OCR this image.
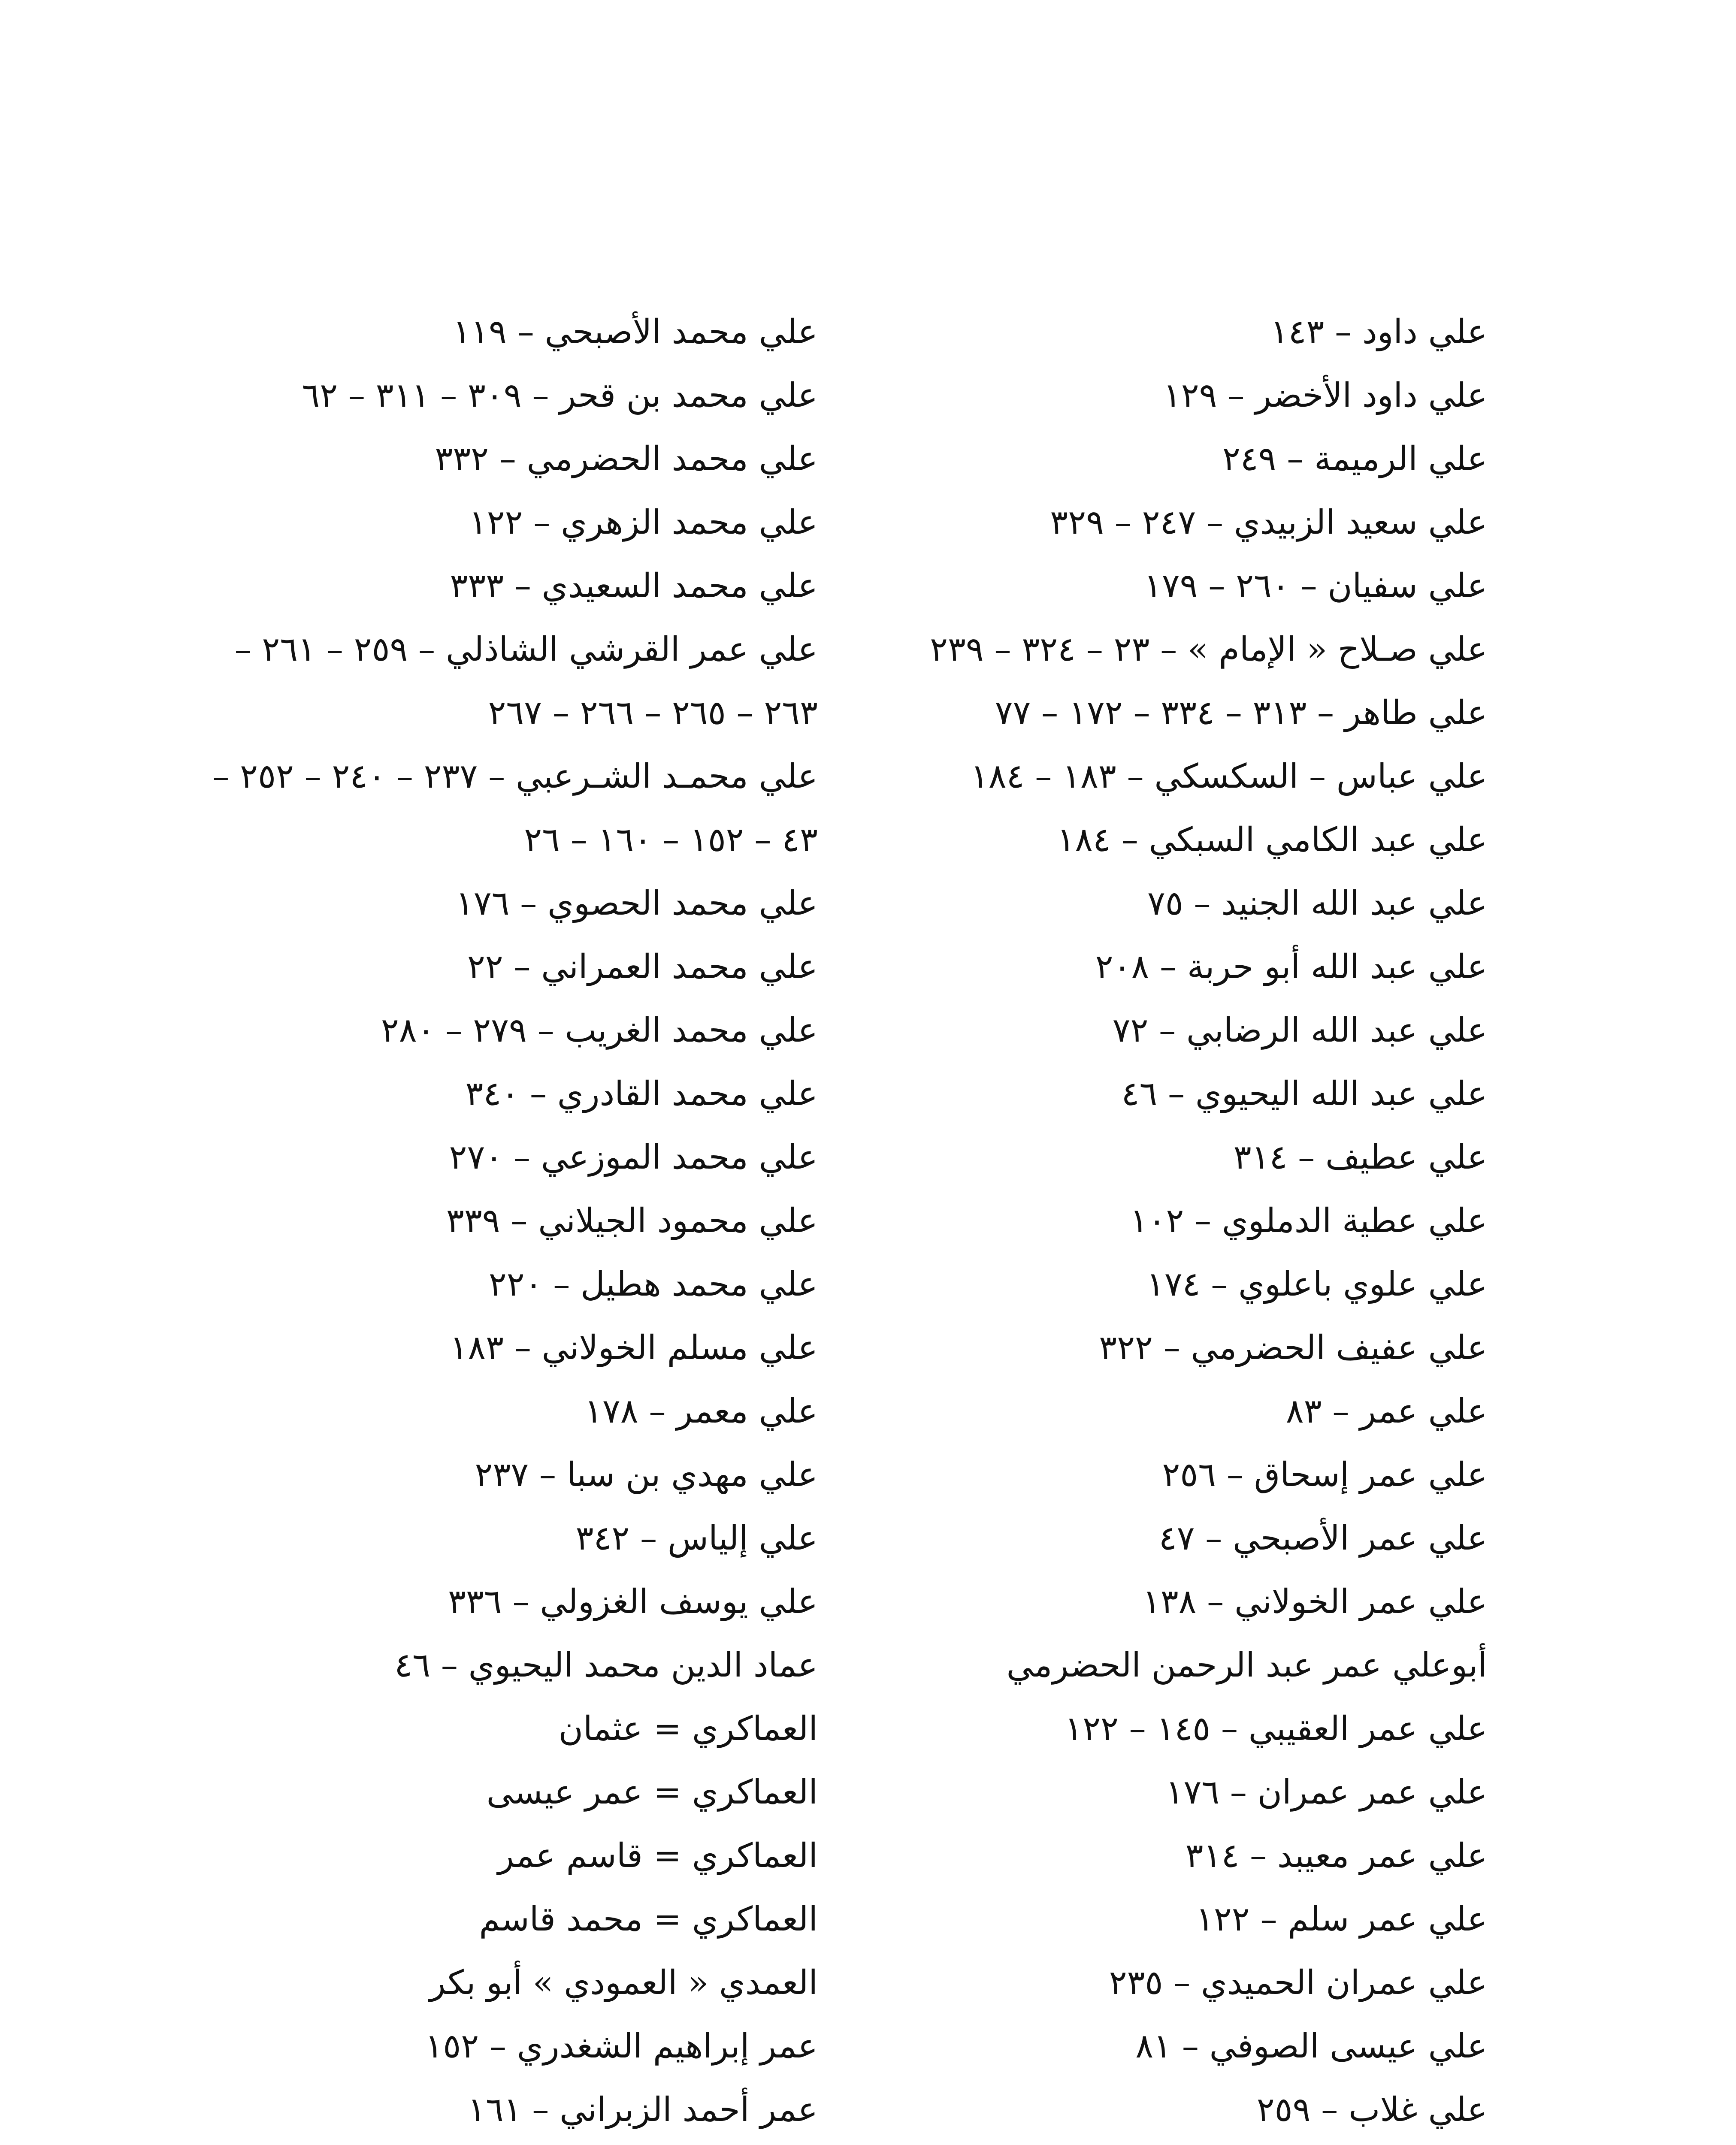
علي داود – ١٤٣
علي داود الأخضر – ١٢٩
علي الرميمة – ٢٤٩
علي سعيد الزبيدي – ٢٤٧ – ٣٢٩
علي سفيان – ٢٦٠ – ١٧٩
علي صـلاح « الإمام » – ٢٣ – ٣٢٤ – ٢٣٩
علي طاهر – ٣١٣ – ٣٣٤ – ١٧٢ – ٧٧
علي عباس – السكسكي – ١٨٣ – ١٨٤
علي عبد الكامي السبكي – ١٨٤
علي عبد الله الجنيد – ٧٥
علي عبد الله أبو حربة – ٢٠٨
علي عبد الله الرضابي – ٧٢
علي عبد الله اليحيوي – ٤٦
علي عطيف – ٣١٤
علي عطية الدملوي – ١٠٢
علي علوي باعلوي – ١٧٤
علي عفيف الحضرمي – ٣٢٢
علي عمر – ٨٣
علي عمر إسحاق – ٢٥٦
علي عمر الأصبحي – ٤٧
علي عمر الخولاني – ١٣٨
أبوعلي عمر عبد الرحمن الحضرمي
علي عمر العقيبي – ١٤٥ – ١٢٢
علي عمر عمران – ١٧٦
علي عمر معيبد – ٣١٤
علي عمر سلم – ١٢٢
علي عمران الحميدي – ٢٣٥
علي عيسى الصوفي – ٨١
علي غلاب – ٢٥٩
علي محمد الأصبحي – ١١٩
علي محمد بن قحر – ٣٠٩ – ٣١١ – ٦٢
علي محمد الحضرمي – ٣٣٢
علي محمد الزهري – ١٢٢
علي محمد السعيدي – ٣٣٣
علي عمر القرشي الشاذلي – ٢٥٩ – ٢٦١ – ٢٦٣ – ٢٦٥ – ٢٦٦ – ٢٦٧
علي محمـد الشـرعبي – ٢٣٧ – ٢٤٠ – ٢٥٢ – ٤٣ – ١٥٢ – ١٦٠ – ٢٦
علي محمد الحصوي – ١٧٦
علي محمد العمراني – ٢٢
علي محمد الغريب – ٢٧٩ – ٢٨٠
علي محمد القادري – ٣٤٠
علي محمد الموزعي – ٢٧٠
علي محمود الجيلاني – ٣٣٩
علي محمد هطيل – ٢٢٠
علي مسلم الخولاني – ١٨٣
علي معمر – ١٧٨
علي مهدي بن سبا – ٢٣٧
علي إلياس – ٣٤٢
علي يوسف الغزولي – ٣٣٦
عماد الدين محمد اليحيوي – ٤٦
العماكري = عثمان
العماكري = عمر عيسى
العماكري = قاسم عمر
العماكري = محمد قاسم
العمدي « العمودي » أبو بكر
عمر إبراهيم الشغدري – ١٥٢
عمر أحمد الزبراني – ١٦١
